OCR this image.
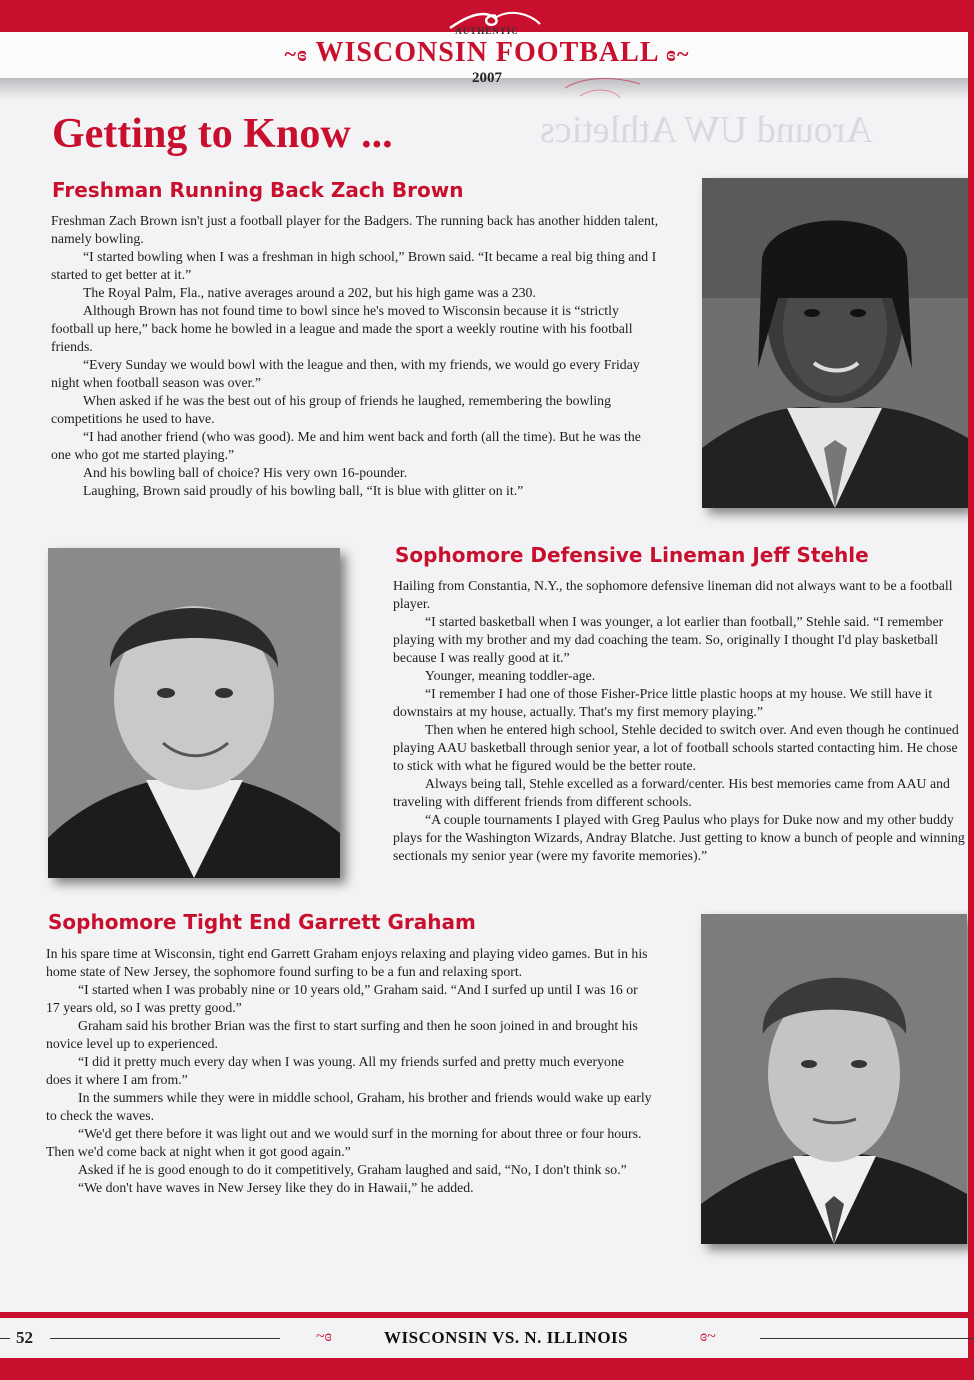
AUTHENTIC
~ɞ WISCONSIN FOOTBALL ɞ~
2007
Around UW Athletics
Getting to Know ...
Freshman Running Back Zach Brown

Freshman Zach Brown isn't just a football player for the Badgers. The running back has another hidden talent, namely bowling.

“I started bowling when I was a freshman in high school,” Brown said. “It became a real big thing and I started to get better at it.”

The Royal Palm, Fla., native averages around a 202, but his high game was a 230.

Although Brown has not found time to bowl since he's moved to Wisconsin because it is “strictly football up here,” back home he bowled in a league and made the sport a weekly routine with his football friends.

“Every Sunday we would bowl with the league and then, with my friends, we would go every Friday night when football season was over.”

When asked if he was the best out of his group of friends he laughed, remembering the bowling competitions he used to have.

“I had another friend (who was good). Me and him went back and forth (all the time). But he was the one who got me started playing.”

And his bowling ball of choice? His very own 16-pounder.

Laughing, Brown said proudly of his bowling ball, “It is blue with glitter on it.”

Sophomore Defensive Lineman Jeff Stehle

Hailing from Constantia, N.Y., the sophomore defensive lineman did not always want to be a football player.

“I started basketball when I was younger, a lot earlier than football,” Stehle said. “I remember playing with my brother and my dad coaching the team. So, originally I thought I'd play basketball because I was really good at it.”

Younger, meaning toddler-age.

“I remember I had one of those Fisher-Price little plastic hoops at my house. We still have it downstairs at my house, actually. That's my first memory playing.”

Then when he entered high school, Stehle decided to switch over. And even though he continued playing AAU basketball through senior year, a lot of football schools started contacting him. He chose to stick with what he figured would be the better route.

Always being tall, Stehle excelled as a forward/center. His best memories came from AAU and traveling with different friends from different schools.

“A couple tournaments I played with Greg Paulus who plays for Duke now and my other buddy plays for the Washington Wizards, Andray Blatche. Just getting to know a bunch of people and winning sectionals my senior year (were my favorite memories).”

Sophomore Tight End Garrett Graham

In his spare time at Wisconsin, tight end Garrett Graham enjoys relaxing and playing video games. But in his home state of New Jersey, the sophomore found surfing to be a fun and relaxing sport.

“I started when I was probably nine or 10 years old,” Graham said. “And I surfed up until I was 16 or 17 years old, so I was pretty good.”

Graham said his brother Brian was the first to start surfing and then he soon joined in and brought his novice level up to experienced.

“I did it pretty much every day when I was young. All my friends surfed and pretty much everyone does it where I am from.”

In the summers while they were in middle school, Graham, his brother and friends would wake up early to check the waves.

“We'd get there before it was light out and we would surf in the morning for about three or four hours. Then we'd come back at night when it got good again.”

Asked if he is good enough to do it competitively, Graham laughed and said, “No, I don't think so.”

“We don't have waves in New Jersey like they do in Hawaii,” he added.

52	~ɞ	WISCONSIN VS. N. ILLINOIS	ɞ~
